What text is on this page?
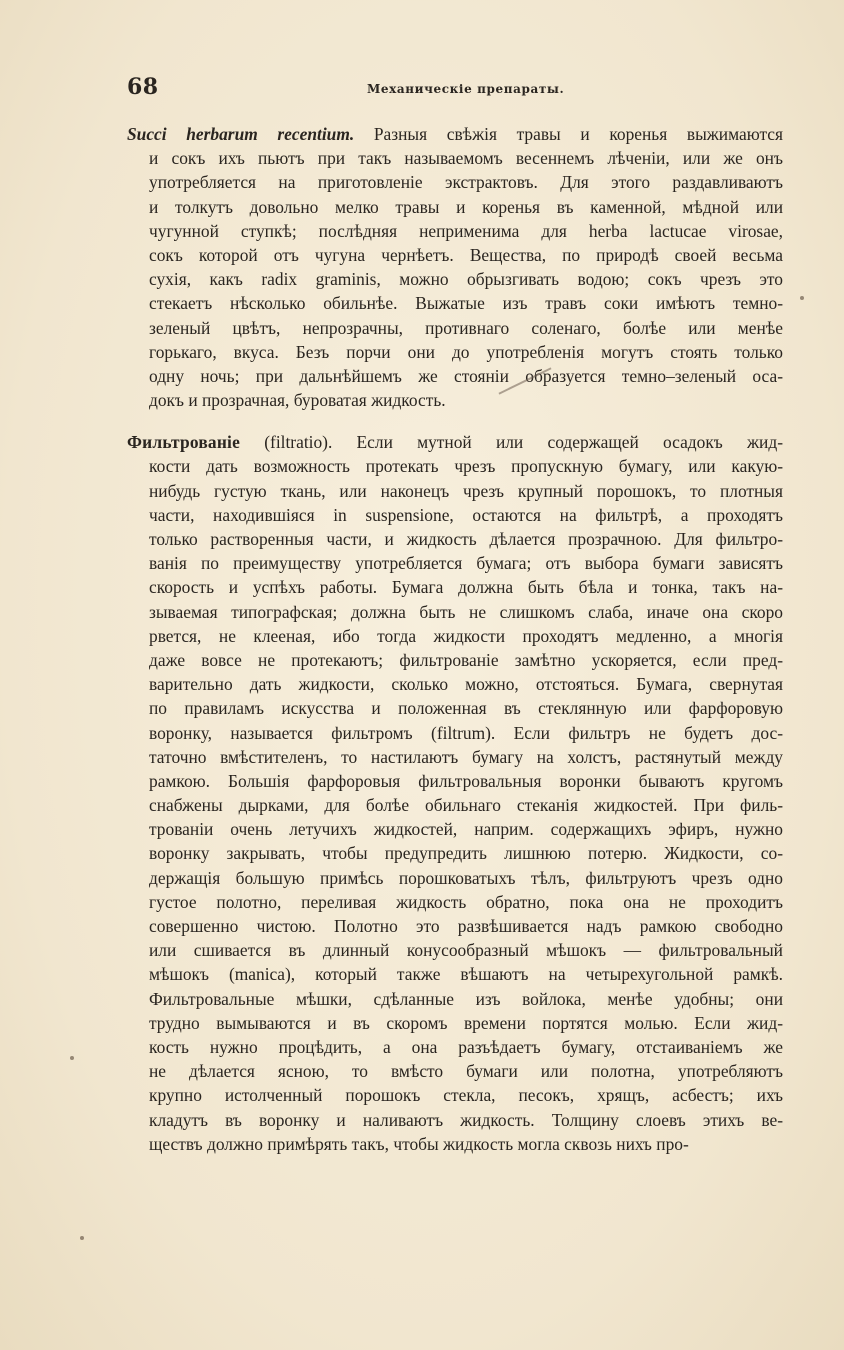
68	Механическіе препараты.
Succi herbarum recentium. Разныя свѣжія травы и коренья выжимаются
и сокъ ихъ пьютъ при такъ называемомъ весеннемъ лѣченіи, или же онъ
употребляется на приготовленіе экстрактовъ. Для этого раздавливаютъ
и толкутъ довольно мелко травы и коренья въ каменной, мѣдной или
чугунной ступкѣ; послѣдняя неприменима для herba lactucae virosae,
сокъ которой отъ чугуна чернѣетъ. Вещества, по природѣ своей весьма
сухія, какъ radix graminis, можно обрызгивать водою; сокъ чрезъ это
стекаетъ нѣсколько обильнѣе. Выжатые изъ травъ соки имѣютъ темно-
зеленый цвѣтъ, непрозрачны, противнаго соленаго, болѣе или менѣе
горькаго, вкуса. Безъ порчи они до употребленія могутъ стоять только
одну ночь; при дальнѣйшемъ же стояніи образуется темно–зеленый оса-
докъ и прозрачная, буроватая жидкость.
Фильтрованіе (filtratio). Если мутной или содержащей осадокъ жид-
кости дать возможность протекать чрезъ пропускную бумагу, или какую-
нибудь густую ткань, или наконецъ чрезъ крупный порошокъ, то плотныя
части, находившіяся in suspensione, остаются на фильтрѣ, а проходятъ
только растворенныя части, и жидкость дѣлается прозрачною. Для фильтро-
ванія по преимуществу употребляется бумага; отъ выбора бумаги зависятъ
скорость и успѣхъ работы. Бумага должна быть бѣла и тонка, такъ на-
зываемая типографская; должна быть не слишкомъ слаба, иначе она скоро
рвется, не клееная, ибо тогда жидкости проходятъ медленно, а многія
даже вовсе не протекаютъ; фильтрованіе замѣтно ускоряется, если пред-
варительно дать жидкости, сколько можно, отстояться. Бумага, свернутая
по правиламъ искусства и положенная въ стеклянную или фарфоровую
воронку, называется фильтромъ (filtrum). Если фильтръ не будетъ дос-
таточно вмѣстителенъ, то настилаютъ бумагу на холстъ, растянутый между
рамкою. Большія фарфоровыя фильтровальныя воронки бываютъ кругомъ
снабжены дырками, для болѣе обильнаго стеканія жидкостей. При филь-
трованіи очень летучихъ жидкостей, наприм. содержащихъ эфиръ, нужно
воронку закрывать, чтобы предупредить лишнюю потерю. Жидкости, со-
держащія большую примѣсь порошковатыхъ тѣлъ, фильтруютъ чрезъ одно
густое полотно, переливая жидкость обратно, пока она не проходитъ
совершенно чистою. Полотно это развѣшивается надъ рамкою свободно
или сшивается въ длинный конусообразный мѣшокъ — фильтровальный
мѣшокъ (manica), который также вѣшаютъ на четырехугольной рамкѣ.
Фильтровальные мѣшки, сдѣланные изъ войлока, менѣе удобны; они
трудно вымываются и въ скоромъ времени портятся молью. Если жид-
кость нужно процѣдить, а она разъѣдаетъ бумагу, отстаиваніемъ же
не дѣлается ясною, то вмѣсто бумаги или полотна, употребляютъ
крупно истолченный порошокъ стекла, песокъ, хрящъ, асбестъ; ихъ
кладутъ въ воронку и наливаютъ жидкость. Толщину слоевъ этихъ ве-
ществъ должно примѣрять такъ, чтобы жидкость могла сквозь нихъ про-
